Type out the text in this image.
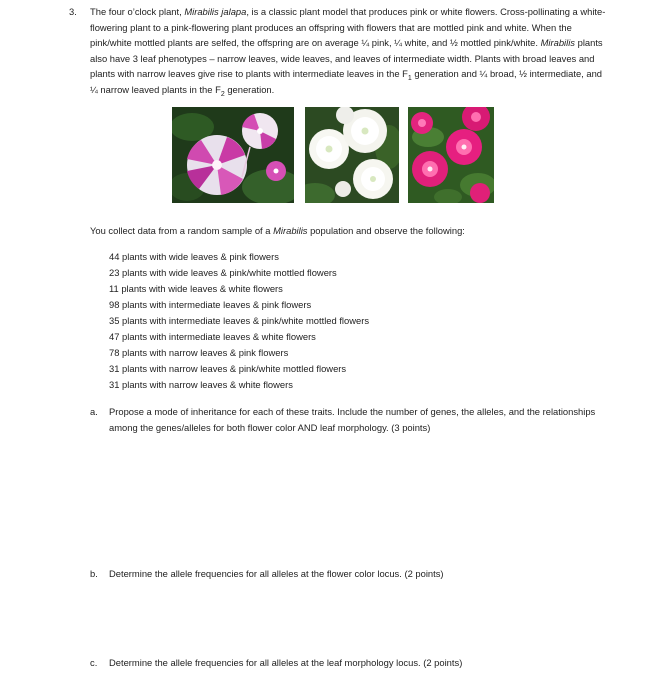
3. The four o’clock plant, Mirabilis jalapa, is a classic plant model that produces pink or white flowers. Cross-pollinating a white-flowering plant to a pink-flowering plant produces an offspring with flowers that are mottled pink and white. When the pink/white mottled plants are selfed, the offspring are on average ¼ pink, ¼ white, and ½ mottled pink/white. Mirabilis plants also have 3 leaf phenotypes – narrow leaves, wide leaves, and leaves of intermediate width. Plants with broad leaves and plants with narrow leaves give rise to plants with intermediate leaves in the $F_1$ generation and ¼ broad, ½ intermediate, and ¼ narrow leaved plants in the $F_2$ generation.

You collect data from a random sample of a Mirabilis population and observe the following:

44 plants with wide leaves & pink flowers
23 plants with wide leaves & pink/white mottled flowers
11 plants with wide leaves & white flowers
98 plants with intermediate leaves & pink flowers
35 plants with intermediate leaves & pink/white mottled flowers
47 plants with intermediate leaves & white flowers
78 plants with narrow leaves & pink flowers
31 plants with narrow leaves & pink/white mottled flowers
31 plants with narrow leaves & white flowers
a. Propose a mode of inheritance for each of these traits. Include the number of genes, the alleles, and the relationships among the genes/alleles for both flower color AND leaf morphology. (3 points)
b. Determine the allele frequencies for all alleles at the flower color locus. (2 points)
c. Determine the allele frequencies for all alleles at the leaf morphology locus. (2 points)
